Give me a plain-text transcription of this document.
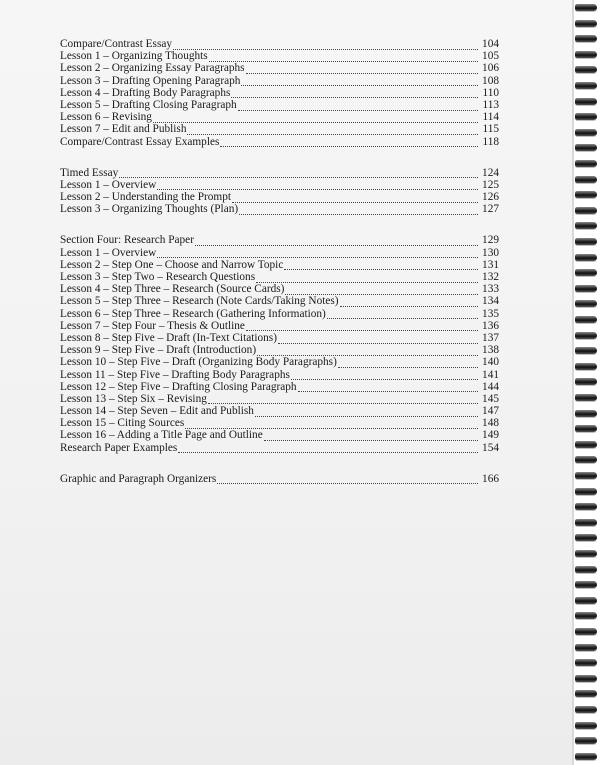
Compare/Contrast Essay	104
Lesson 1 – Organizing Thoughts	105
Lesson 2 – Organizing Essay Paragraphs	106
Lesson 3 – Drafting Opening Paragraph	108
Lesson 4 – Drafting Body Paragraphs	110
Lesson 5 – Drafting Closing Paragraph	113
Lesson 6 – Revising	114
Lesson 7 – Edit and Publish	115
Compare/Contrast Essay Examples	118
Timed Essay	124
Lesson 1 – Overview	125
Lesson 2 – Understanding the Prompt	126
Lesson 3 – Organizing Thoughts (Plan)	127
Section Four: Research Paper	129
Lesson 1 – Overview	130
Lesson 2 – Step One – Choose and Narrow Topic	131
Lesson 3 – Step Two – Research Questions	132
Lesson 4 – Step Three – Research (Source Cards)	133
Lesson 5 – Step Three – Research (Note Cards/Taking Notes)	134
Lesson 6 – Step Three – Research (Gathering Information)	135
Lesson 7 – Step Four – Thesis & Outline	136
Lesson 8 – Step Five – Draft (In-Text Citations)	137
Lesson 9 – Step Five – Draft (Introduction)	138
Lesson 10 – Step Five – Draft (Organizing Body Paragraphs)	140
Lesson 11 – Step Five – Drafting Body Paragraphs	141
Lesson 12 – Step Five – Drafting Closing Paragraph	144
Lesson 13 – Step Six – Revising	145
Lesson 14 – Step Seven – Edit and Publish	147
Lesson 15 – Citing Sources	148
Lesson 16 – Adding a Title Page and Outline	149
Research Paper Examples	154
Graphic and Paragraph Organizers	166
